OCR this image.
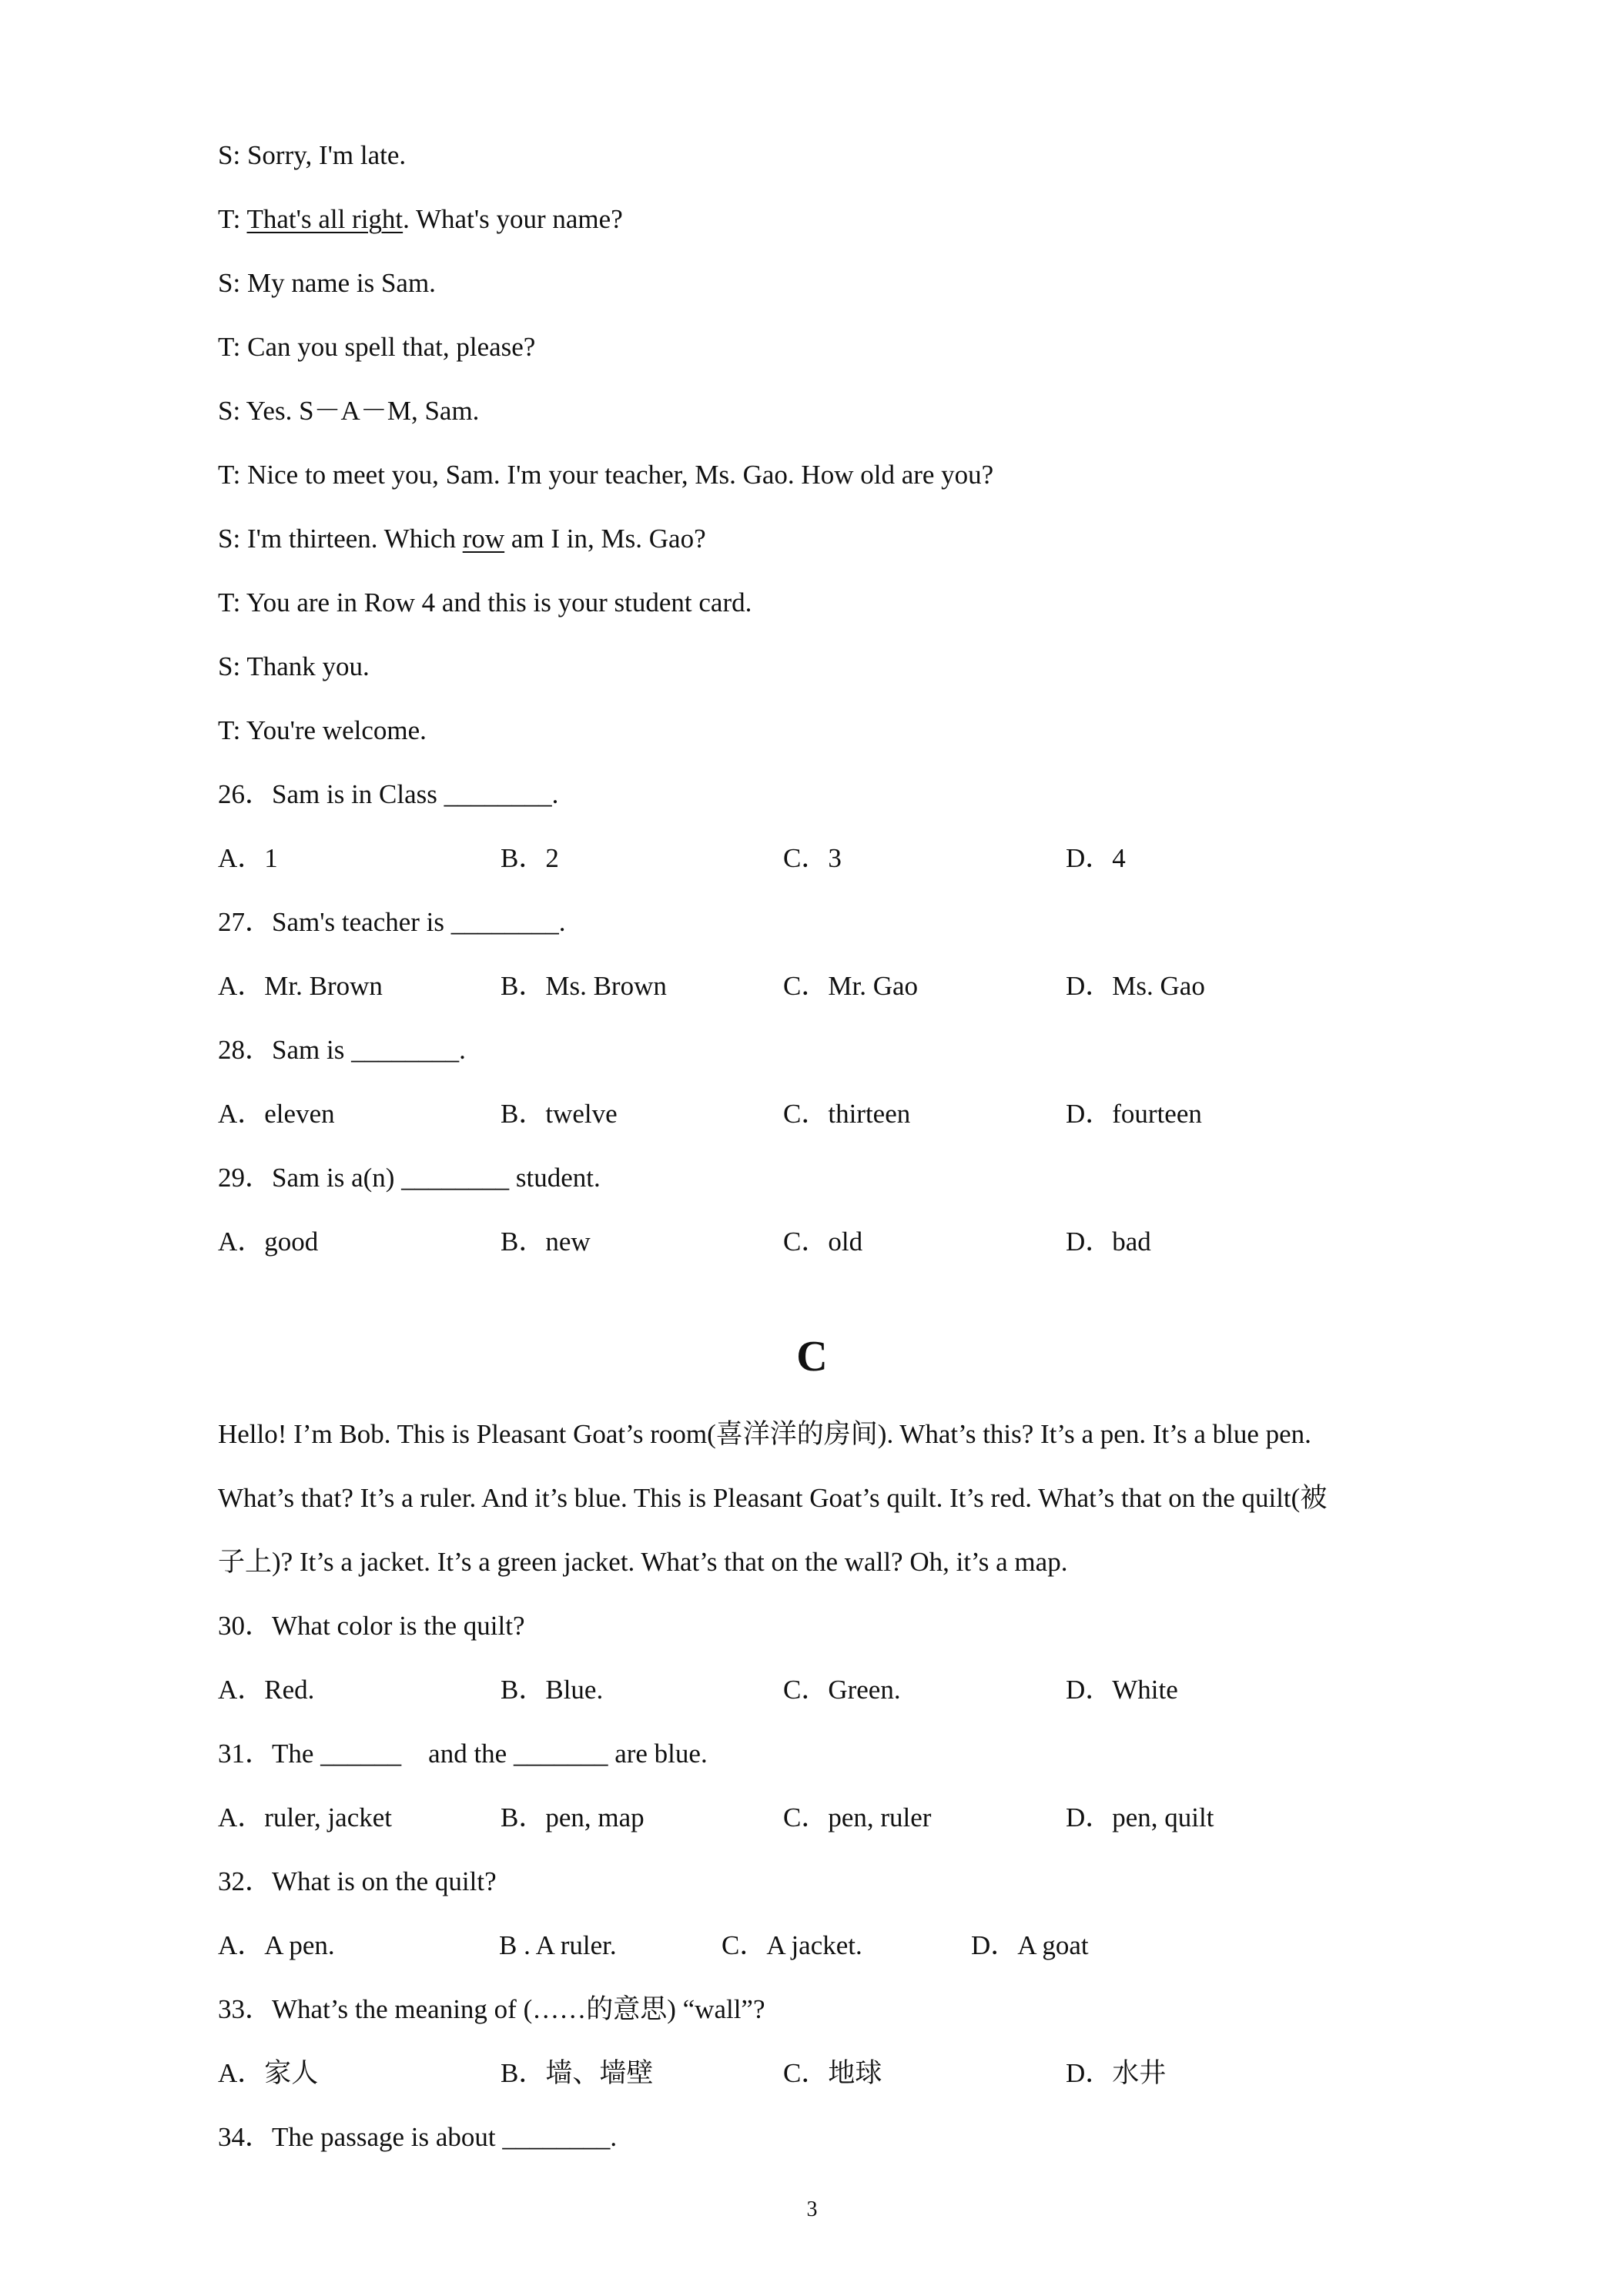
S: Sorry, I'm late.
T: That's all right. What's your name?
S: My name is Sam.
T: Can you spell that, please?
S: Yes. S－A－M, Sam.
T: Nice to meet you, Sam. I'm your teacher, Ms. Gao. How old are you?
S: I'm thirteen. Which row am I in, Ms. Gao?
T: You are in Row 4 and this is your student card.
S: Thank you.
T: You're welcome.
26．Sam is in Class ________.
A．1	B．2	C．3	D．4
27．Sam's teacher is ________.
A．Mr. Brown	B．Ms. Brown	C．Mr. Gao	D．Ms. Gao
28．Sam is ________.
A．eleven	B．twelve	C．thirteen	D．fourteen
29．Sam is a(n) ________ student.
A．good	B．new	C．old	D．bad
C
Hello! I’m Bob. This is Pleasant Goat’s room(喜洋洋的房间). What’s this? It’s a pen. It’s a blue pen.
What’s that? It’s a ruler. And it’s blue. This is Pleasant Goat’s quilt. It’s red. What’s that on the quilt(被
子上)? It’s a jacket. It’s a green jacket. What’s that on the wall? Oh, it’s a map.
30．What color is the quilt?
A．Red.	B．Blue.	C．Green.	D．White
31．The ______    and the _______ are blue.
A．ruler, jacket	B．pen, map	C．pen, ruler	D．pen, quilt
32．What is on the quilt?
A．A pen.	B . A ruler.	C．A jacket.	D．A goat
33．What’s the meaning of (……的意思) “wall”?
A．家人	B．墙、墙壁	C．地球	D．水井
34．The passage is about ________.
3
